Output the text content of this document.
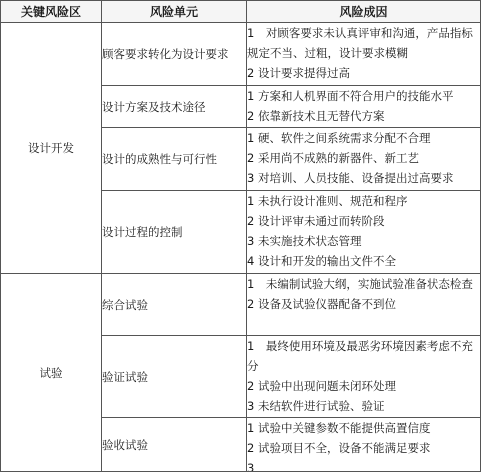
关键风险区	风险单元	风险成因
设计开发	顾客要求转化为设计要求	1　对顾客要求未认真评审和沟通，产品指标规定不当、过粗，设计要求模糊
2 设计要求提得过高

	设计方案及技术途径	1 方案和人机界面不符合用户的技能水平
2 依靠新技术且无替代方案

	设计的成熟性与可行性	1 硬、软件之间系统需求分配不合理
2 采用尚不成熟的新器件、新工艺
3 对培训、人员技能、设备提出过高要求

	设计过程的控制	1 未执行设计准则、规范和程序
2 设计评审未通过而转阶段
3 未实施技术状态管理
4 设计和开发的输出文件不全

试验	综合试验	1　未编制试验大纲，实施试验准备状态检查
2 设备及试验仪器配备不到位

	验证试验	1　最终使用环境及最恶劣环境因素考虑不充分
2 试验中出现问题未闭环处理
3 未结软件进行试验、验证

	验收试验	1 试验中关键参数不能提供高置信度
2 试验项目不全，设备不能满足要求
3
